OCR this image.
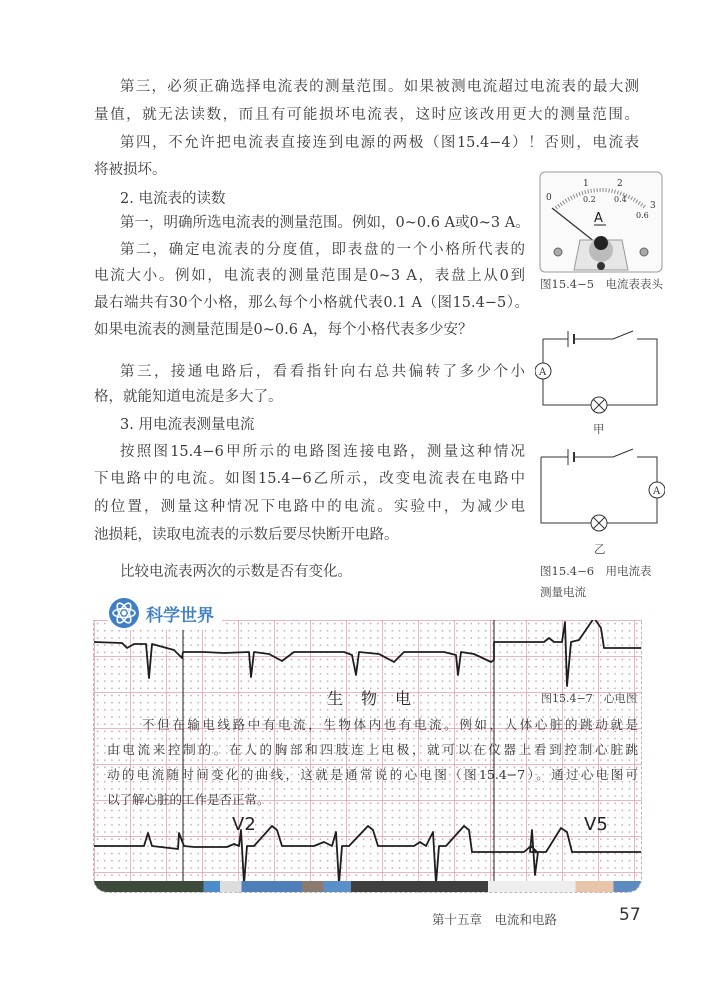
第三，必须正确选择电流表的测量范围。如果被测电流超过电流表的最大测
量值，就无法读数，而且有可能损坏电流表，这时应该改用更大的测量范围。
第四，不允许把电流表直接连到电源的两极（图15.4−4）！否则，电流表
将被损坏。
2. 电流表的读数
第一，明确所选电流表的测量范围。例如，0~0.6 A或0~3 A。
第二，确定电流表的分度值，即表盘的一个小格所代表的
电流大小。例如，电流表的测量范围是0~3 A，表盘上从0到
最右端共有30个小格，那么每个小格就代表0.1 A（图15.4−5）。
如果电流表的测量范围是0~0.6 A，每个小格代表多少安？
第三，接通电路后，看看指针向右总共偏转了多少个小
格，就能知道电流是多大了。
3. 用电流表测量电流
按照图15.4−6甲所示的电路图连接电路，测量这种情况
下电路中的电流。如图15.4−6乙所示，改变电流表在电路中
的位置，测量这种情况下电路中的电流。实验中，为减少电
池损耗，读取电流表的示数后要尽快断开电路。
比较电流表两次的示数是否有变化。
0
1	2
3
0.2 0.4
0.6
A
图15.4−5　电流表表头
A
甲
A
乙
图15.4−6　用电流表
测量电流
科学世界
生物电	图15.4−7　心电图
不但在输电线路中有电流，生物体内也有电流。例如，人体心脏的跳动就是
由电流来控制的。在人的胸部和四肢连上电极，就可以在仪器上看到控制心脏跳
动的电流随时间变化的曲线，这就是通常说的心电图（图15.4−7）。通过心电图可
以了解心脏的工作是否正常。
V2	V5
第十五章　电流和电路	57
